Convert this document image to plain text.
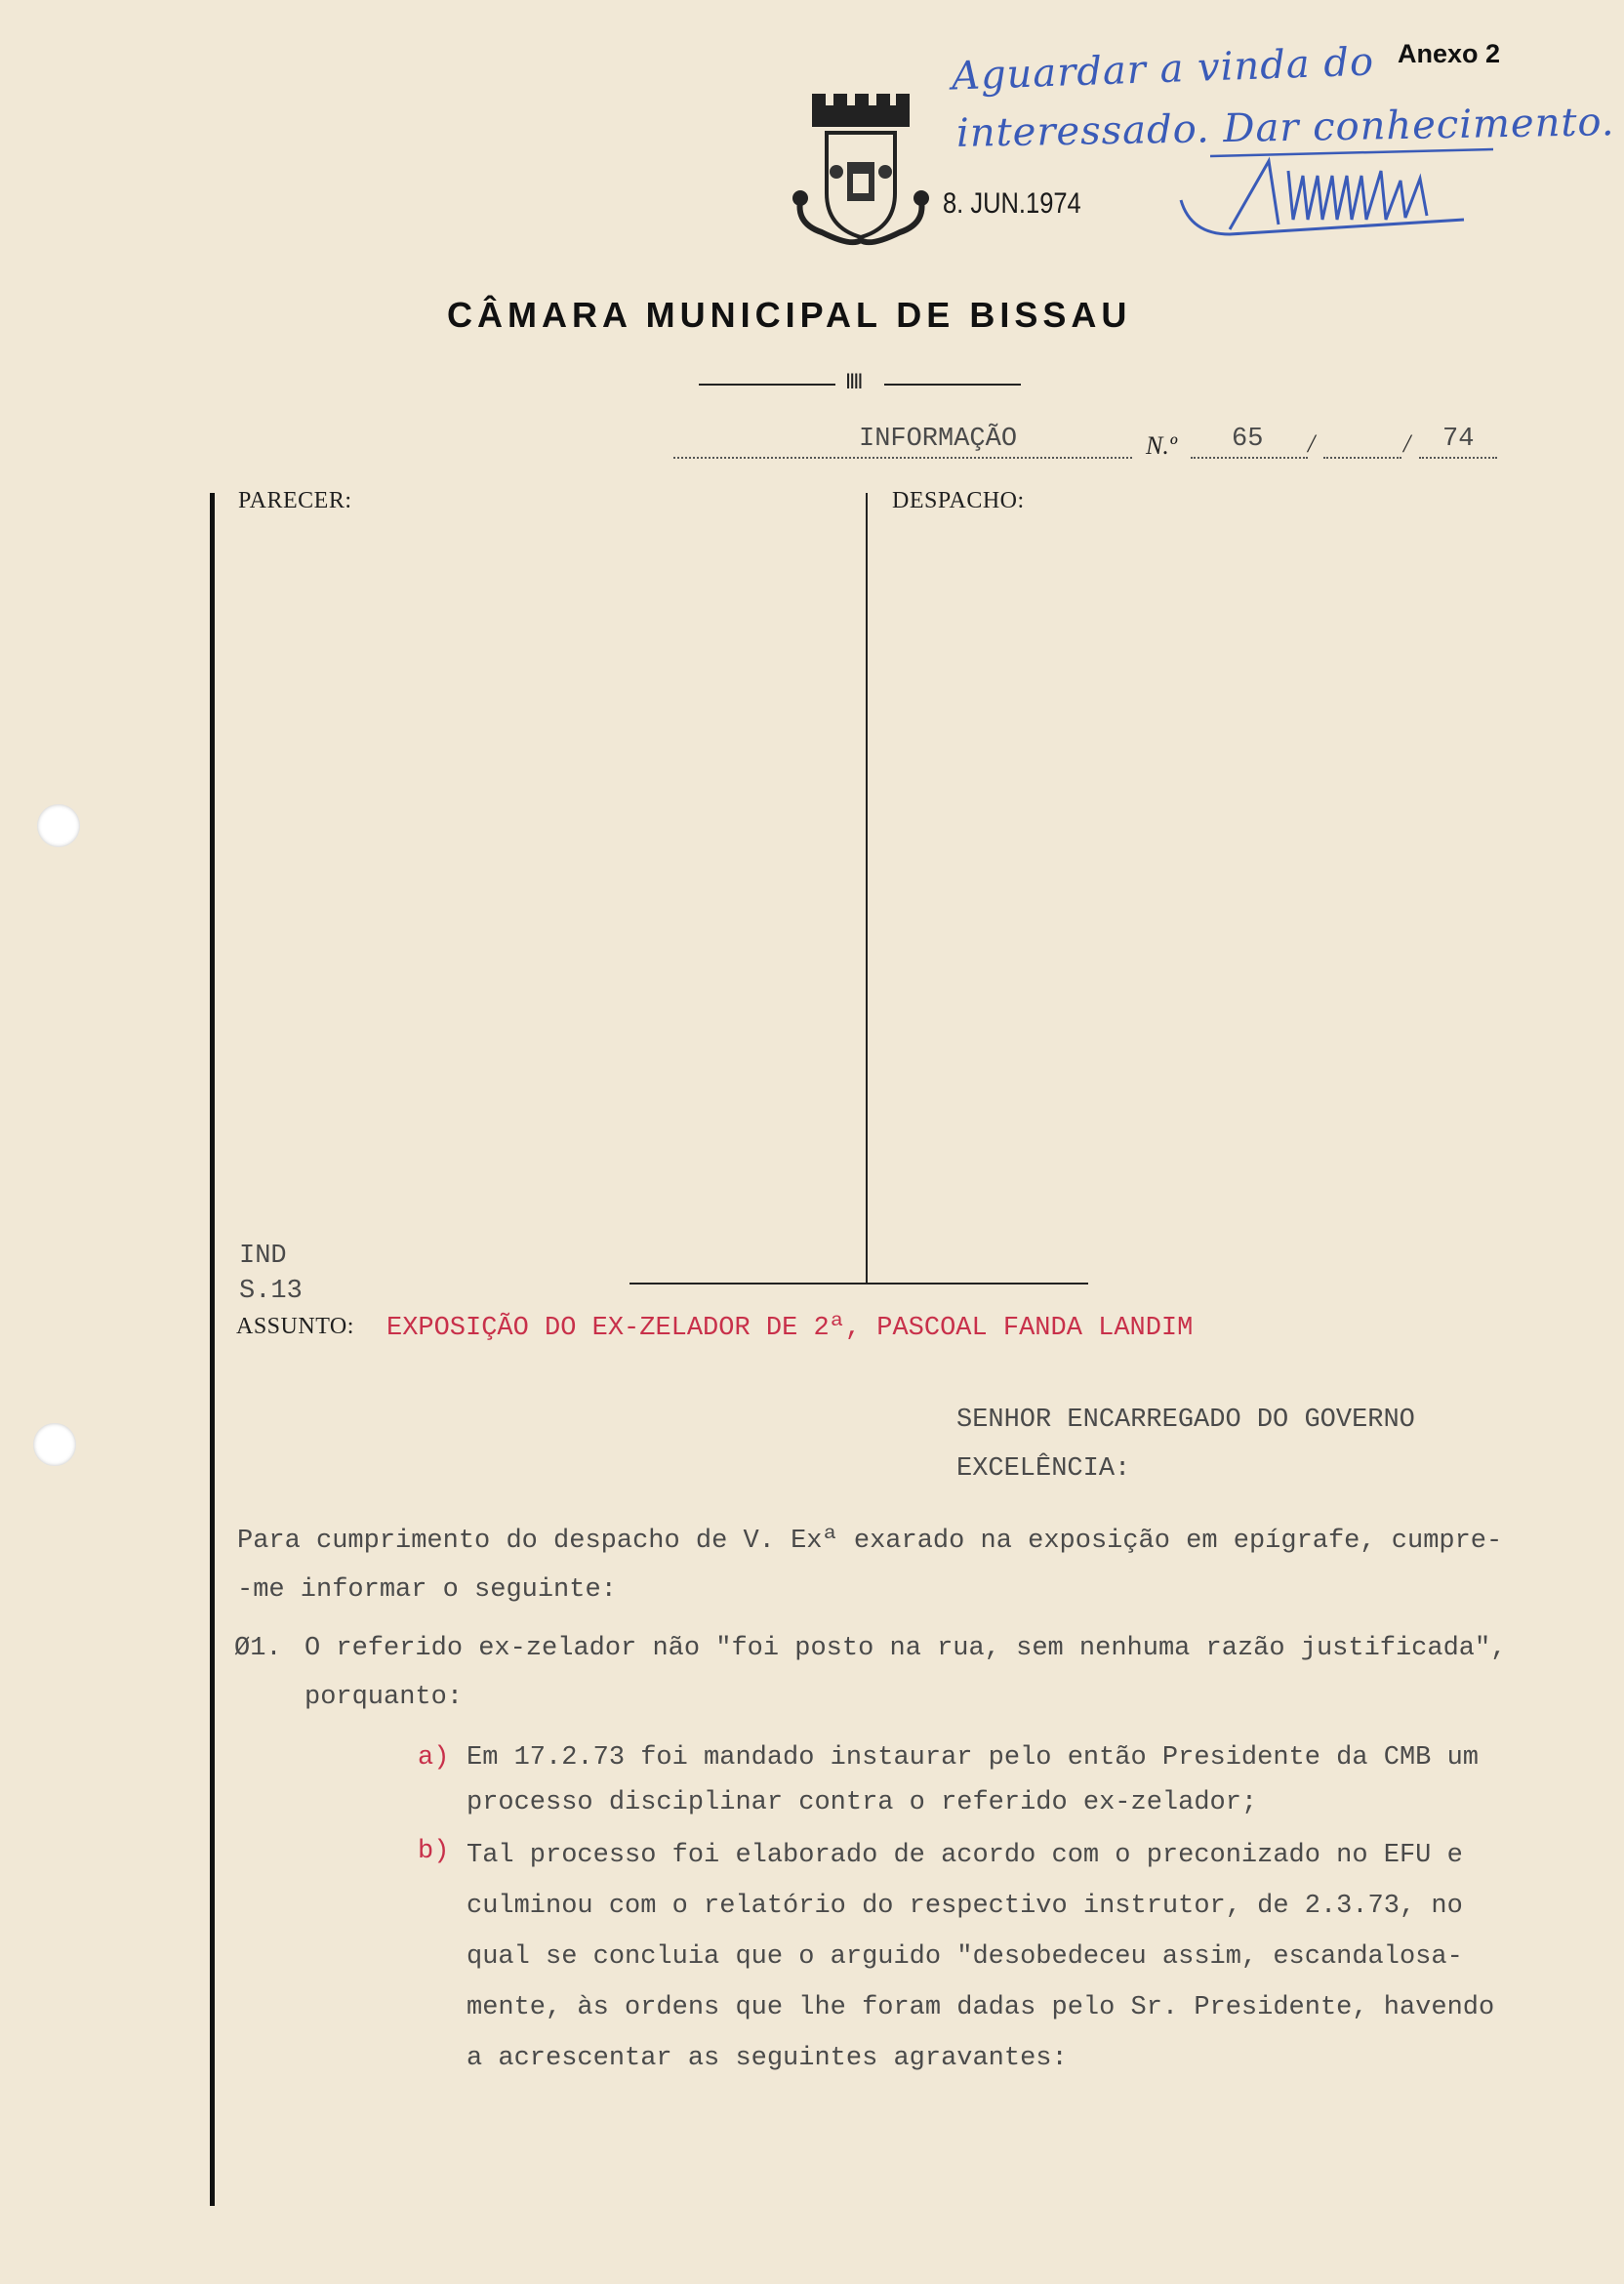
Anexo 2
Aguardar a vinda do
interessado. Dar conhecimento.
8. JUN.1974
CÂMARA MUNICIPAL DE BISSAU
IIII
INFORMAÇÃO	N.º 65 /	/ 74
PARECER:	DESPACHO:
IND
S.13
ASSUNTO: EXPOSIÇÃO DO EX-ZELADOR DE 2ª, PASCOAL FANDA LANDIM
SENHOR ENCARREGADO DO GOVERNO
EXCELÊNCIA:
Para cumprimento do despacho de V. Exª exarado na exposição em epígrafe, cumpre-
-me informar o seguinte:
Ø1. O referido ex-zelador não "foi posto na rua, sem nenhuma razão justificada",
porquanto:
a) Em 17.2.73 foi mandado instaurar pelo então Presidente da CMB um
processo disciplinar contra o referido ex-zelador;
b) Tal processo foi elaborado de acordo com o preconizado no EFU e
culminou com o relatório do respectivo instrutor, de 2.3.73, no
qual se concluia que o arguido "desobedeceu assim, escandalosa-
mente, às ordens que lhe foram dadas pelo Sr. Presidente, havendo
a acrescentar as seguintes agravantes:
